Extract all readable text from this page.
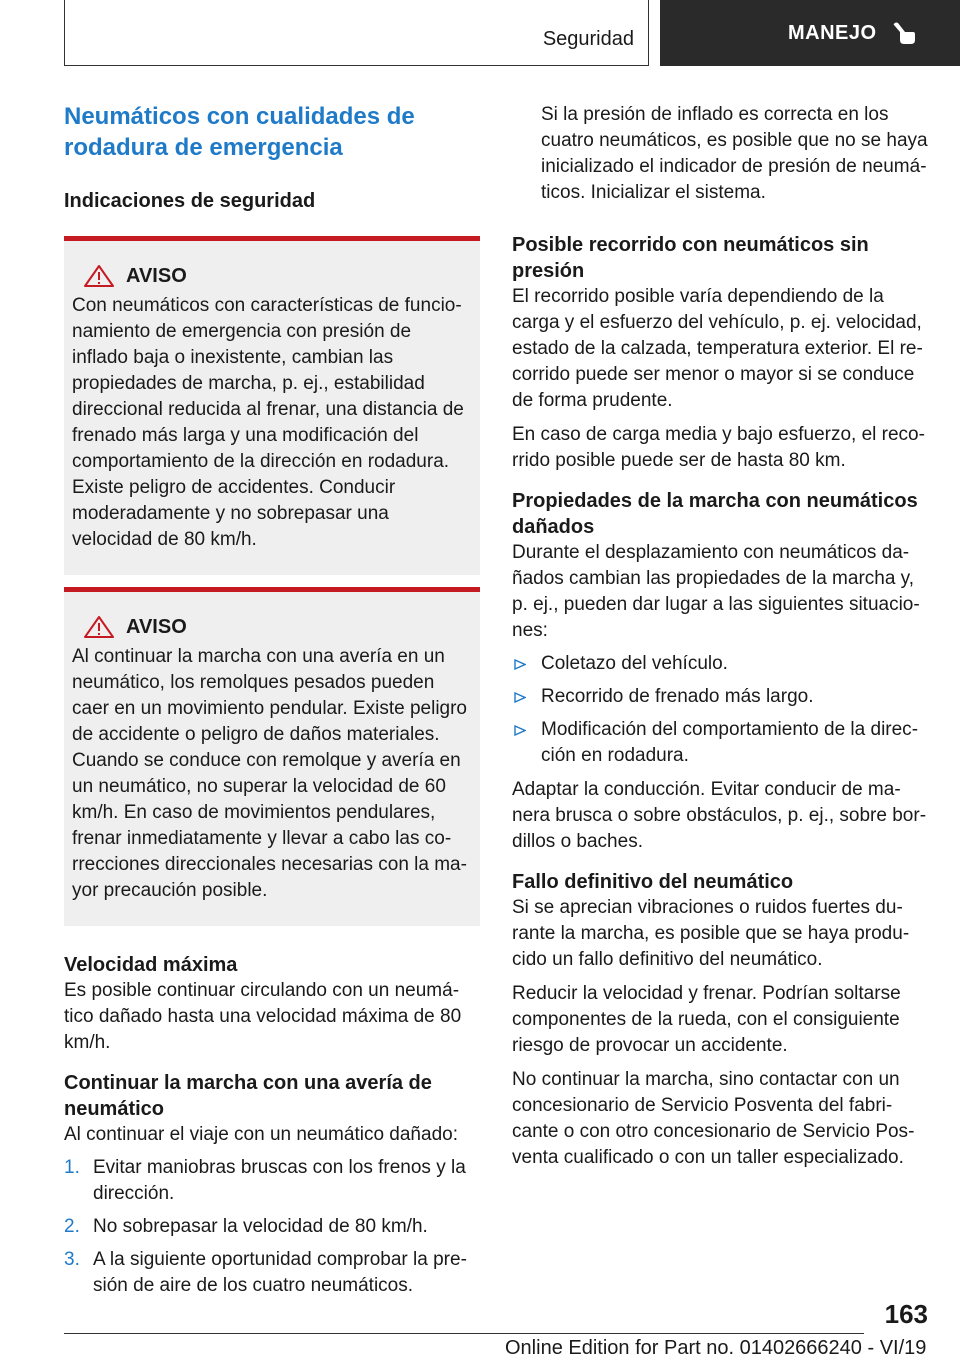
Seguridad	MANEJO
Neumáticos con cualidades de
rodadura de emergencia
Indicaciones de seguridad
AVISO
Con neumáticos con características de funcionamiento de emergencia con presión de inflado baja o inexistente, cambian las propiedades de marcha, p. ej., estabilidad direccional reducida al frenar, una distancia de frenado más larga y una modificación del comportamiento de la dirección en rodadura. Existe peligro de accidentes. Conducir moderadamente y no sobrepasar una velocidad de 80 km/h.
AVISO
Al continuar la marcha con una avería en un neumático, los remolques pesados pueden caer en un movimiento pendular. Existe peligro de accidente o peligro de daños materiales. Cuando se conduce con remolque y avería en un neumático, no superar la velocidad de 60 km/h. En caso de movimientos pendulares, frenar inmediatamente y llevar a cabo las correcciones direccionales necesarias con la mayor precaución posible.
Velocidad máxima
Es posible continuar circulando con un neumático dañado hasta una velocidad máxima de 80 km/h.
Continuar la marcha con una avería de neumático
Al continuar el viaje con un neumático dañado:
1. Evitar maniobras bruscas con los frenos y la dirección.
2. No sobrepasar la velocidad de 80 km/h.
3. A la siguiente oportunidad comprobar la presión de aire de los cuatro neumáticos.
Si la presión de inflado es correcta en los cuatro neumáticos, es posible que no se haya inicializado el indicador de presión de neumáticos. Inicializar el sistema.
Posible recorrido con neumáticos sin presión
El recorrido posible varía dependiendo de la carga y el esfuerzo del vehículo, p. ej. velocidad, estado de la calzada, temperatura exterior. El recorrido puede ser menor o mayor si se conduce de forma prudente.
En caso de carga media y bajo esfuerzo, el recorrido posible puede ser de hasta 80 km.
Propiedades de la marcha con neumáticos dañados
Durante el desplazamiento con neumáticos dañados cambian las propiedades de la marcha y, p. ej., pueden dar lugar a las siguientes situaciones:
Coletazo del vehículo.
Recorrido de frenado más largo.
Modificación del comportamiento de la dirección en rodadura.
Adaptar la conducción. Evitar conducir de manera brusca o sobre obstáculos, p. ej., sobre bordillos o baches.
Fallo definitivo del neumático
Si se aprecian vibraciones o ruidos fuertes durante la marcha, es posible que se haya producido un fallo definitivo del neumático.
Reducir la velocidad y frenar. Podrían soltarse componentes de la rueda, con el consiguiente riesgo de provocar un accidente.
No continuar la marcha, sino contactar con un concesionario de Servicio Posventa del fabricante o con otro concesionario de Servicio Posventa cualificado o con un taller especializado.
163
Online Edition for Part no. 01402666240 - VI/19
